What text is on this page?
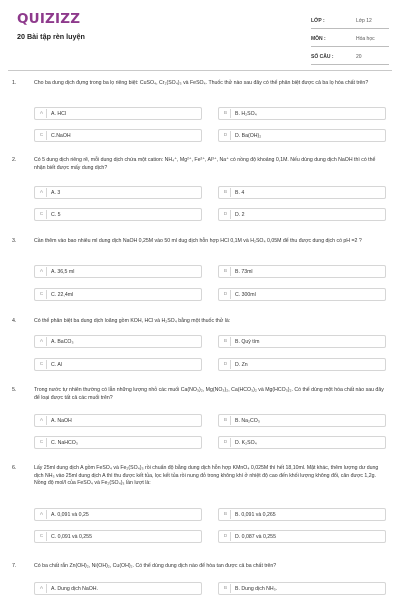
QUIZIZZ
20 Bài tập rèn luyện
LỚP :	Lớp 12
MÔN :	Hóa học
SỐ CÂU :	20
1.	Cho ba dung dịch đựng trong ba lọ riêng biệt: CuSO₄, Cr₂(SO₄)₃ và FeSO₄. Thuốc thử nào sau đây có thể phân biệt được cả ba lọ hóa chất trên?
A	A. HCl	B	B. H₂SO₄
C	C.NaOH	D	D. Ba(OH)₂
2.	Có 5 dung dịch riêng rẽ, mỗi dung dịch chứa một cation: NH₄⁺, Mg²⁺, Fe²⁺, Al³⁺, Na⁺ có nồng độ khoảng 0,1M. Nếu dùng dung dịch NaOH thì có thể nhận biết được mấy dung dịch?
A	A. 3	B	B. 4
C	C. 5	D	D. 2
3.	Cần thêm vào bao nhiêu ml dung dịch NaOH 0,25M vào 50 ml dug dịch hỗn hợp HCl 0,1M và H₂SO₄ 0,05M để thu được dung dịch có pH =2 ?
A	A. 36,5 ml	B	B. 73ml
C	C. 22,4ml	D	C. 300ml
4.	Có thể phân biệt ba dung dịch loãng gồm KOH, HCl và H₂SO₄ bằng một thuốc thử là:
A	A. BaCO₃	B	B. Quỳ tím
C	C. Al	D	D. Zn
5.	Trong nước tự nhiên thường có lẫn những lượng nhỏ các muối Ca(NO₃)₂, Mg(NO₃)₂, Ca(HCO₃)₂ và Mg(HCO₃)₂. Có thể dùng một hóa chất nào sau đây để loại được tất cả các muối trên?
A	A. NaOH	B	B. Na₂CO₃
C	C. NaHCO₃	D	D. K₂SO₄
6.	Lấy 25ml dung dịch A gồm FeSO₄ và Fe₂(SO₄)₃ rồi chuẩn độ bằng dung dịch hỗn hợp KMnO₄ 0,025M thì hết 18,10ml. Mặt khác, thêm lượng dư dung dịch NH₃ vào 25ml dung dịch A thì thu được kết tủa, lọc kết tủa rồi nung đỏ trong không khí ở nhiệt độ cao đến khối lượng không đổi, cân được 1,2g. Nồng độ mol/l của FeSO₄ và Fe₂(SO₄)₃ lần lượt là:
A	A. 0,091 và 0,25	B	B. 0,091 và 0,265
C	C. 0,091 và 0,255	D	D. 0,087 và 0,255
7.	Có ba chất rắn Zn(OH)₂, Ni(OH)₂, Cu(OH)₂. Có thể dùng dung dịch nào để hòa tan được cả ba chất trên?
A	A. Dung dịch NaOH.	B	B. Dung dịch NH₃.
